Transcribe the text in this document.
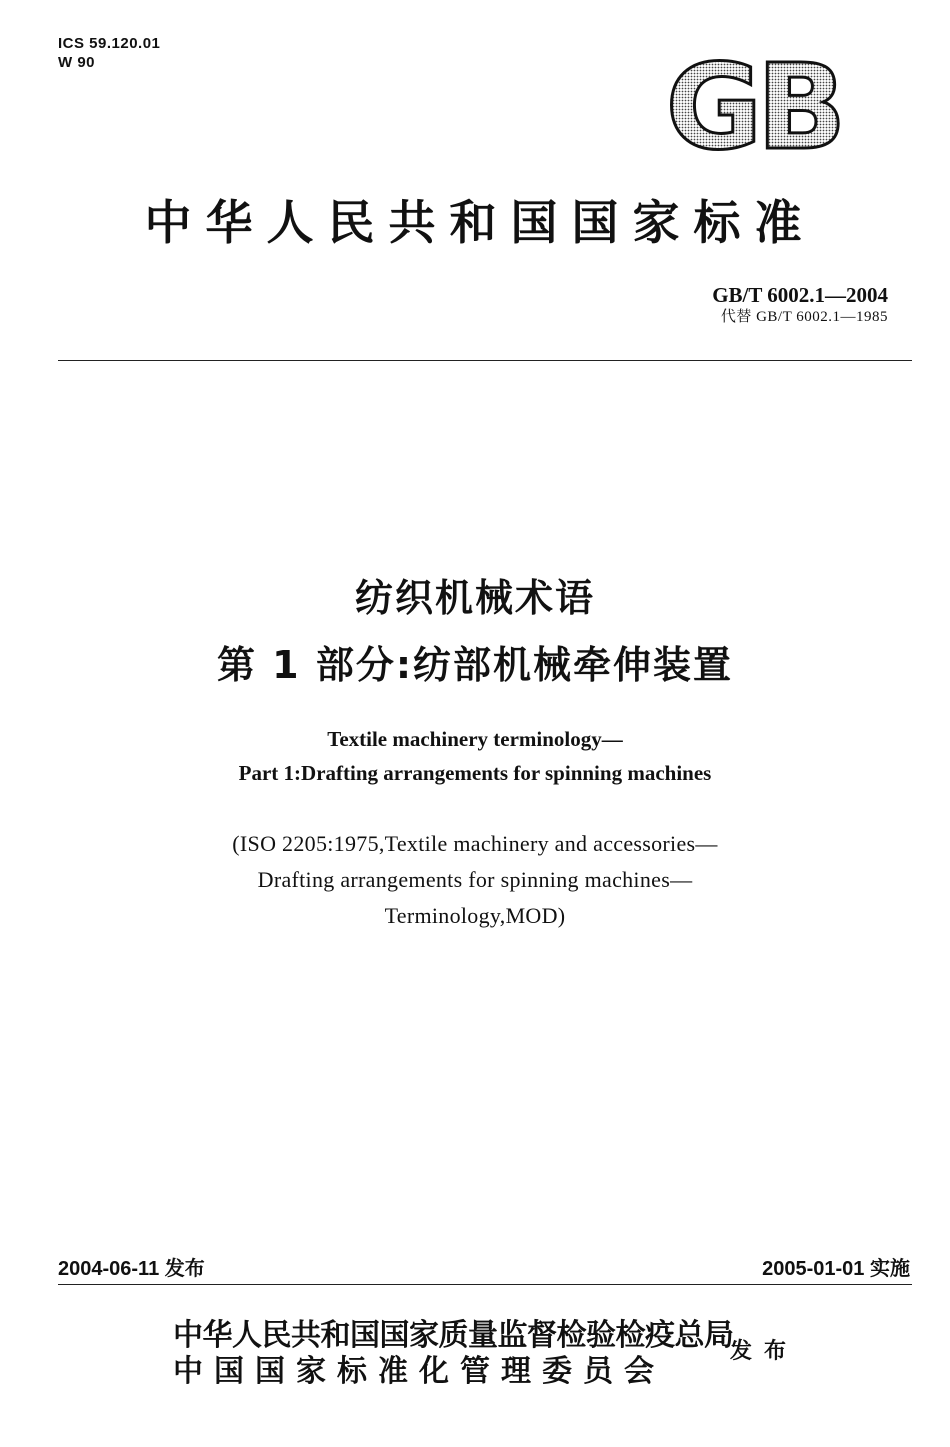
ICS 59.120.01
W 90	GB
中华人民共和国国家标准
GB/T 6002.1—2004
代替 GB/T 6002.1—1985
纺织机械术语
第 1 部分:纺部机械牵伸装置
Textile machinery terminology—
Part 1:Drafting arrangements for spinning machines
(ISO 2205:1975,Textile machinery and accessories—
Drafting arrangements for spinning machines—
Terminology,MOD)
2004-06-11 发布	2005-01-01 实施
中华人民共和国国家质量监督检验检疫总局
中国国家标准化管理委员会
发布
